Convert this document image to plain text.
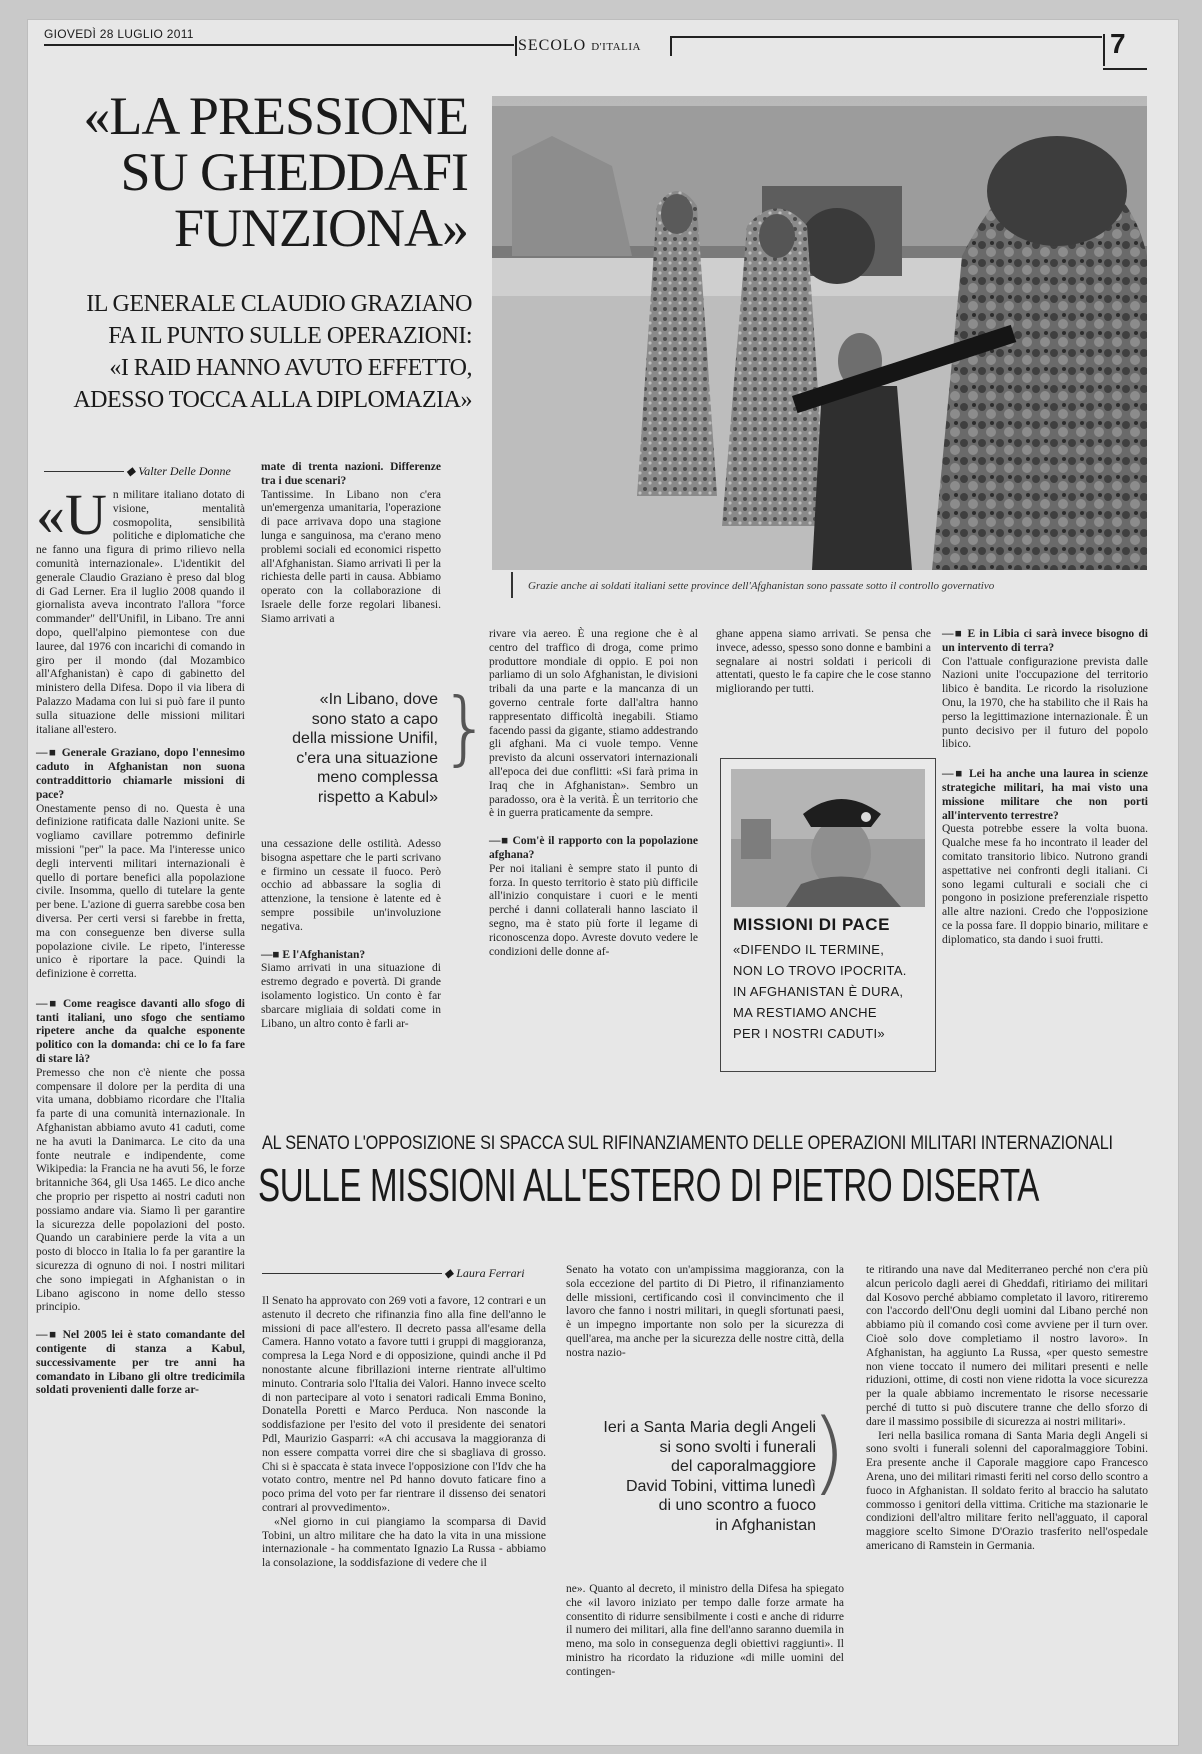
GIOVEDÌ 28 LUGLIO 2011
SECOLO D'ITALIA	7
«LA PRESSIONE
SU GHEDDAFI
FUNZIONA»
IL GENERALE CLAUDIO GRAZIANO
FA IL PUNTO SULLE OPERAZIONI:
«I RAID HANNO AVUTO EFFETTO,
ADESSO TOCCA ALLA DIPLOMAZIA»
Grazie anche ai soldati italiani sette province dell'Afghanistan sono passate sotto il controllo governativo
◆ Valter Delle Donne

«Un militare italiano dotato di visione, mentalità cosmopolita, sensibilità politiche e diplomatiche che ne fanno una figura di primo rilievo nella comunità internazionale». L'identikit del generale Claudio Graziano è preso dal blog di Gad Lerner. Era il luglio 2008 quando il giornalista aveva incontrato l'allora "force commander" dell'Unifil, in Libano. Tre anni dopo, quell'alpino piemontese con due lauree, dal 1976 con incarichi di comando in giro per il mondo (dal Mozambico all'Afghanistan) è capo di gabinetto del ministero della Difesa. Dopo il via libera di Palazzo Madama con lui si può fare il punto sulla situazione delle missioni militari italiane all'estero.

—■ Generale Graziano, dopo l'ennesimo caduto in Afghanistan non suona contraddittorio chiamarle missioni di pace?

Onestamente penso di no. Questa è una definizione ratificata dalle Nazioni unite. Se vogliamo cavillare potremmo definirle missioni "per" la pace. Ma l'interesse unico degli interventi militari internazionali è quello di portare benefici alla popolazione civile. Insomma, quello di tutelare la gente per bene. L'azione di guerra sarebbe cosa ben diversa. Per certi versi si farebbe in fretta, ma con conseguenze ben diverse sulla popolazione civile. Le ripeto, l'interesse unico è riportare la pace. Quindi la definizione è corretta.

—■ Come reagisce davanti allo sfogo di tanti italiani, uno sfogo che sentiamo ripetere anche da qualche esponente politico con la domanda: chi ce lo fa fare di stare là?

Premesso che non c'è niente che possa compensare il dolore per la perdita di una vita umana, dobbiamo ricordare che l'Italia fa parte di una comunità internazionale. In Afghanistan abbiamo avuto 41 caduti, come ne ha avuti la Danimarca. Le cito da una fonte neutrale e indipendente, come Wikipedia: la Francia ne ha avuti 56, le forze britanniche 364, gli Usa 1465. Le dico anche che proprio per rispetto ai nostri caduti non possiamo andare via. Siamo lì per garantire la sicurezza delle popolazioni del posto. Quando un carabiniere perde la vita a un posto di blocco in Italia lo fa per garantire la sicurezza di ognuno di noi. I nostri militari che sono impiegati in Afghanistan o in Libano agiscono in nome dello stesso principio.

—■ Nel 2005 lei è stato comandante del contigente di stanza a Kabul, successivamente per tre anni ha comandato in Libano gli oltre tredicimila soldati provenienti dalle forze ar-

mate di trenta nazioni. Differenze tra i due scenari?

Tantissime. In Libano non c'era un'emergenza umanitaria, l'operazione di pace arrivava dopo una stagione lunga e sanguinosa, ma c'erano meno problemi sociali ed economici rispetto all'Afghanistan. Siamo arrivati lì per la richiesta delle parti in causa. Abbiamo operato con la collaborazione di Israele delle forze regolari libanesi. Siamo arrivati a

}
«In Libano, dove
sono stato a capo
della missione Unifil,
c'era una situazione
meno complessa
rispetto a Kabul»

una cessazione delle ostilità. Adesso bisogna aspettare che le parti scrivano e firmino un cessate il fuoco. Però occhio ad abbassare la soglia di attenzione, la tensione è latente ed è sempre possibile un'involuzione negativa.

—■ E l'Afghanistan?

Siamo arrivati in una situazione di estremo degrado e povertà. Di grande isolamento logistico. Un conto è far sbarcare migliaia di soldati come in Libano, un altro conto è farli ar-

rivare via aereo. È una regione che è al centro del traffico di droga, come primo produttore mondiale di oppio. E poi non parliamo di un solo Afghanistan, le divisioni tribali da una parte e la mancanza di un governo centrale forte dall'altra hanno rappresentato difficoltà inegabili. Stiamo facendo passi da gigante, stiamo addestrando gli afghani. Ma ci vuole tempo. Venne previsto da alcuni osservatori internazionali all'epoca dei due conflitti: «Si farà prima in Iraq che in Afghanistan». Sembro un paradosso, ora è la verità. È un territorio che è in guerra praticamente da sempre.

—■ Com'è il rapporto con la popolazione afghana?

Per noi italiani è sempre stato il punto di forza. In questo territorio è stato più difficile all'inizio conquistare i cuori e le menti perché i danni collaterali hanno lasciato il segno, ma è stato più forte il legame di riconoscenza dopo. Avreste dovuto vedere le condizioni delle donne af-

ghane appena siamo arrivati. Se pensa che invece, adesso, spesso sono donne e bambini a segnalare ai nostri soldati i pericoli di attentati, questo le fa capire che le cose stanno migliorando per tutti.

MISSIONI DI PACE
«DIFENDO IL TERMINE,
NON LO TROVO IPOCRITA.
IN AFGHANISTAN È DURA,
MA RESTIAMO ANCHE
PER I NOSTRI CADUTI»

—■ E in Libia ci sarà invece bisogno di un intervento di terra?

Con l'attuale configurazione prevista dalle Nazioni unite l'occupazione del territorio libico è bandita. Le ricordo la risoluzione Onu, la 1970, che ha stabilito che il Rais ha perso la legittimazione internazionale. È un punto decisivo per il futuro del popolo libico.

—■ Lei ha anche una laurea in scienze strategiche militari, ha mai visto una missione militare che non porti all'intervento terrestre?

Questa potrebbe essere la volta buona. Qualche mese fa ho incontrato il leader del comitato transitorio libico. Nutrono grandi aspettative nei confronti degli italiani. Ci sono legami culturali e sociali che ci pongono in posizione preferenziale rispetto alle altre nazioni. Credo che l'opposizione ce la possa fare. Il doppio binario, militare e diplomatico, sta dando i suoi frutti.

AL SENATO L'OPPOSIZIONE SI SPACCA SUL RIFINANZIAMENTO DELLE OPERAZIONI MILITARI INTERNAZIONALI
SULLE MISSIONI ALL'ESTERO DI PIETRO DISERTA
◆ Laura Ferrari

Il Senato ha approvato con 269 voti a favore, 12 contrari e un astenuto il decreto che rifinanzia fino alla fine dell'anno le missioni di pace all'estero. Il decreto passa all'esame della Camera. Hanno votato a favore tutti i gruppi di maggioranza, compresa la Lega Nord e di opposizione, quindi anche il Pd nonostante alcune fibrillazioni interne rientrate all'ultimo minuto. Contraria solo l'Italia dei Valori. Hanno invece scelto di non partecipare al voto i senatori radicali Emma Bonino, Donatella Poretti e Marco Perduca. Non nasconde la soddisfazione per l'esito del voto il presidente dei senatori Pdl, Maurizio Gasparri: «A chi accusava la maggioranza di non essere compatta vorrei dire che si sbagliava di grosso. Chi si è spaccata è stata invece l'opposizione con l'Idv che ha votato contro, mentre nel Pd hanno dovuto faticare fino a poco prima del voto per far rientrare il dissenso dei senatori contrari al provvedimento».

«Nel giorno in cui piangiamo la scomparsa di David Tobini, un altro militare che ha dato la vita in una missione internazionale - ha commentato Ignazio La Russa - abbiamo la consolazione, la soddisfazione di vedere che il

Senato ha votato con un'ampissima maggioranza, con la sola eccezione del partito di Di Pietro, il rifinanziamento delle missioni, certificando così il convincimento che il lavoro che fanno i nostri militari, in quegli sfortunati paesi, è un impegno importante non solo per la sicurezza di quell'area, ma anche per la sicurezza delle nostre città, della nostra nazio-

)
Ieri a Santa Maria degli Angeli
si sono svolti i funerali
del caporalmaggiore
David Tobini, vittima lunedì
di uno scontro a fuoco
in Afghanistan

ne». Quanto al decreto, il ministro della Difesa ha spiegato che «il lavoro iniziato per tempo dalle forze armate ha consentito di ridurre sensibilmente i costi e anche di ridurre il numero dei militari, alla fine dell'anno saranno duemila in meno, ma solo in conseguenza degli obiettivi raggiunti». Il ministro ha ricordato la riduzione «di mille uomini del contingen-

te ritirando una nave dal Mediterraneo perché non c'era più alcun pericolo dagli aerei di Gheddafi, ritiriamo dei militari dal Kosovo perché abbiamo completato il lavoro, ritireremo con l'accordo dell'Onu degli uomini dal Libano perché non abbiamo più il comando così come avviene per il turn over. Cioè solo dove completiamo il nostro lavoro». In Afghanistan, ha aggiunto La Russa, «per questo semestre non viene toccato il numero dei militari presenti e nelle riduzioni, ottime, di costi non viene ridotta la voce sicurezza per la quale abbiamo incrementato le risorse necessarie perché di tutto si può discutere tranne che dello sforzo di dare il massimo possibile di sicurezza ai nostri militari».

Ieri nella basilica romana di Santa Maria degli Angeli si sono svolti i funerali solenni del caporalmaggiore Tobini. Era presente anche il Caporale maggiore capo Francesco Arena, uno dei militari rimasti feriti nel corso dello scontro a fuoco in Afghanistan. Il soldato ferito al braccio ha salutato commosso i genitori della vittima. Critiche ma stazionarie le condizioni dell'altro militare ferito nell'agguato, il caporal maggiore scelto Simone D'Orazio trasferito nell'ospedale americano di Ramstein in Germania.
